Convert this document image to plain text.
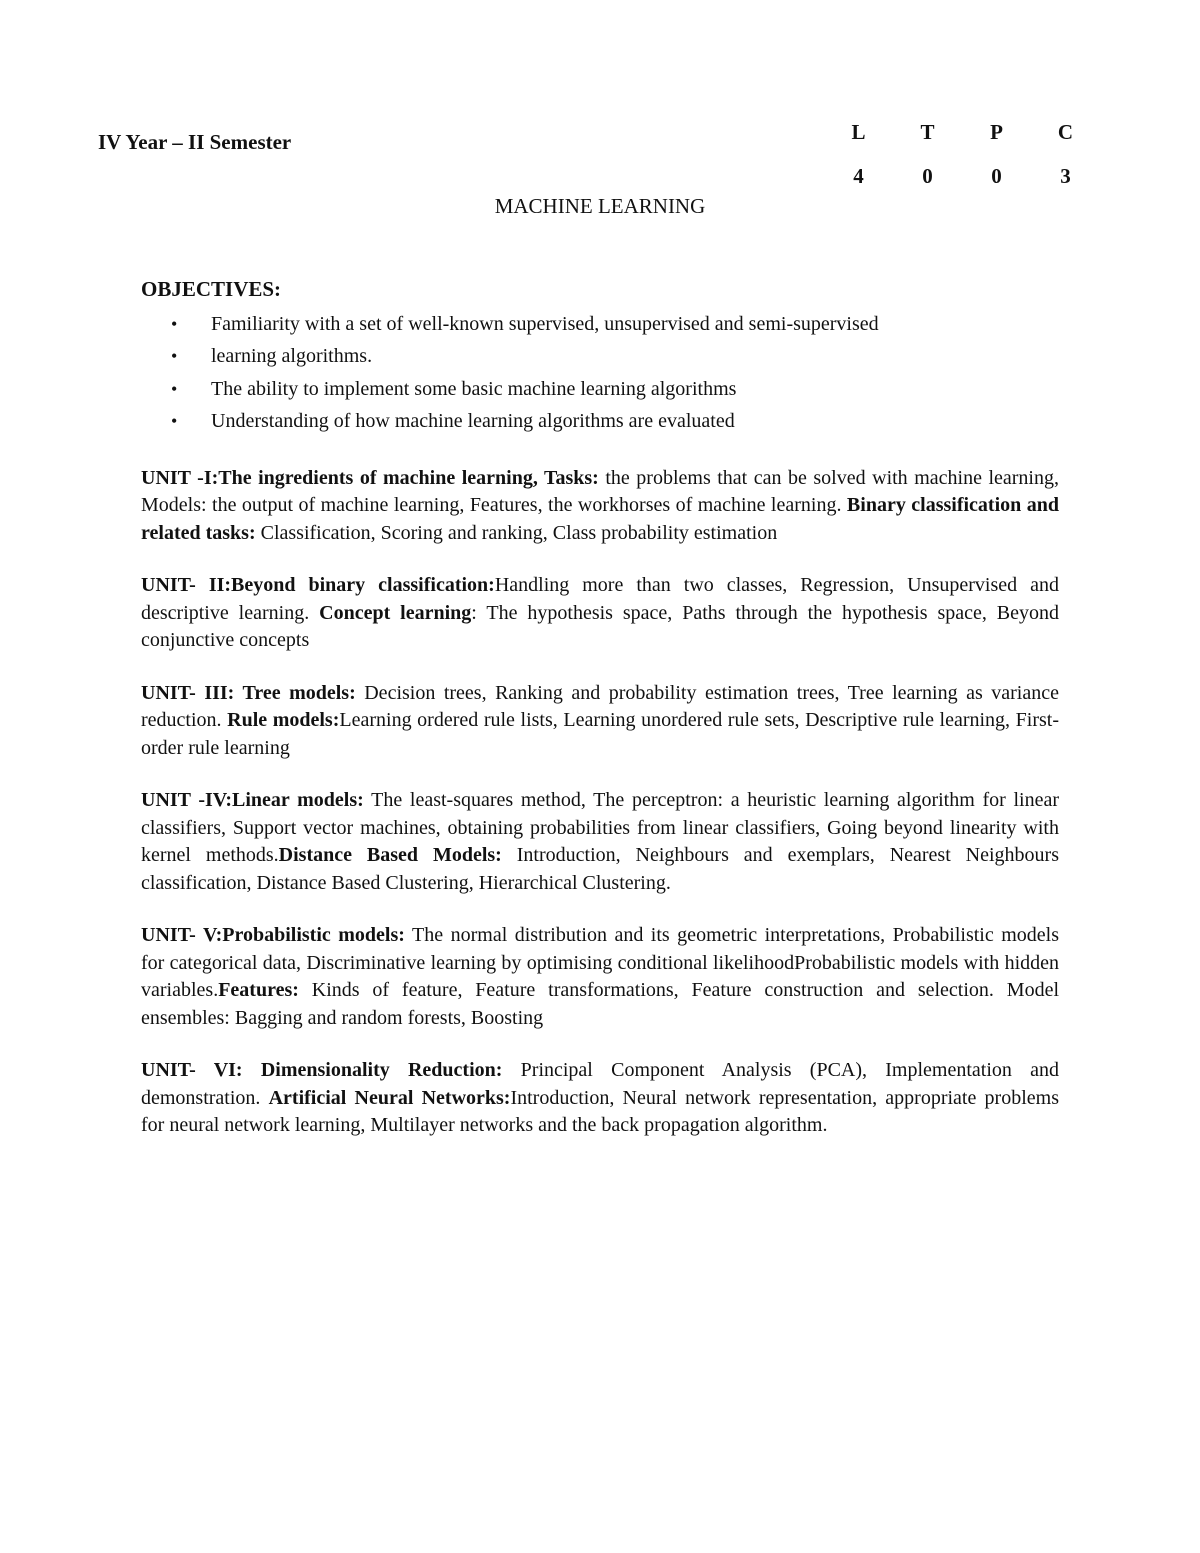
IV Year – II Semester	L	T	P	C
4	0	0	3
MACHINE LEARNING

OBJECTIVES:

• Familiarity with a set of well-known supervised, unsupervised and semi-supervised
• learning algorithms.
• The ability to implement some basic machine learning algorithms
• Understanding of how machine learning algorithms are evaluated

UNIT -I:The ingredients of machine learning, Tasks: the problems that can be solved with machine learning, Models: the output of machine learning, Features, the workhorses of machine learning. Binary classification and related tasks: Classification, Scoring and ranking, Class probability estimation

UNIT- II:Beyond binary classification:Handling more than two classes, Regression, Unsupervised and descriptive learning. Concept learning: The hypothesis space, Paths through the hypothesis space, Beyond conjunctive concepts

UNIT- III: Tree models: Decision trees, Ranking and probability estimation trees, Tree learning as variance reduction. Rule models:Learning ordered rule lists, Learning unordered rule sets, Descriptive rule learning, First-order rule learning

UNIT -IV:Linear models: The least-squares method, The perceptron: a heuristic learning algorithm for linear classifiers, Support vector machines, obtaining probabilities from linear classifiers, Going beyond linearity with kernel methods.Distance Based Models: Introduction, Neighbours and exemplars, Nearest Neighbours classification, Distance Based Clustering, Hierarchical Clustering.

UNIT- V:Probabilistic models: The normal distribution and its geometric interpretations, Probabilistic models for categorical data, Discriminative learning by optimising conditional likelihoodProbabilistic models with hidden variables.Features: Kinds of feature, Feature transformations, Feature construction and selection. Model ensembles: Bagging and random forests, Boosting

UNIT- VI: Dimensionality Reduction: Principal Component Analysis (PCA), Implementation and demonstration. Artificial Neural Networks:Introduction, Neural network representation, appropriate problems for neural network learning, Multilayer networks and the back propagation algorithm.
